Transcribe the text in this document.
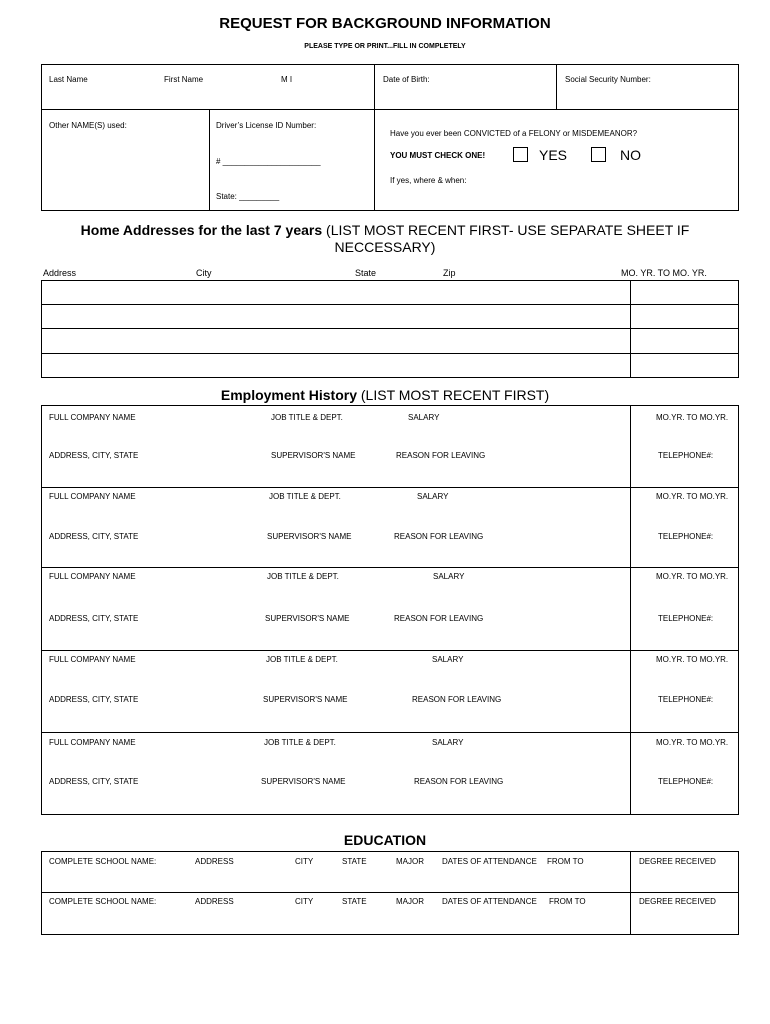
REQUEST FOR BACKGROUND INFORMATION
PLEASE TYPE OR PRINT...FILL IN COMPLETELY
Last Name	First Name	M I	Date of Birth:	Social Security Number:
Other NAME(S) used:	Driver’s License ID Number:
# ______________________
State: _________
Have you ever been CONVICTED of a FELONY or MISDEMEANOR?
YOU MUST CHECK ONE!	YES	NO
If yes, where & when:
Home Addresses for the last 7 years (LIST MOST RECENT FIRST- USE SEPARATE SHEET IF
NECCESSARY)
Address	City	State	Zip	MO. YR. TO MO. YR.
Employment History (LIST MOST RECENT FIRST)
FULL COMPANY NAME	JOB TITLE & DEPT.	SALARY	MO.YR. TO MO.YR.
ADDRESS, CITY, STATE	SUPERVISOR'S NAME	REASON FOR LEAVING	TELEPHONE#:
FULL COMPANY NAME	JOB TITLE & DEPT.	SALARY	MO.YR. TO MO.YR.
ADDRESS, CITY, STATE	SUPERVISOR'S NAME	REASON FOR LEAVING	TELEPHONE#:
FULL COMPANY NAME	JOB TITLE & DEPT.	SALARY	MO.YR. TO MO.YR.
ADDRESS, CITY, STATE	SUPERVISOR'S NAME	REASON FOR LEAVING	TELEPHONE#:
FULL COMPANY NAME	JOB TITLE & DEPT.	SALARY	MO.YR. TO MO.YR.
ADDRESS, CITY, STATE	SUPERVISOR'S NAME	REASON FOR LEAVING	TELEPHONE#:
FULL COMPANY NAME	JOB TITLE & DEPT.	SALARY	MO.YR. TO MO.YR.
ADDRESS, CITY, STATE	SUPERVISOR'S NAME	REASON FOR LEAVING	TELEPHONE#:
EDUCATION
COMPLETE SCHOOL NAME:	ADDRESS	CITY	STATE	MAJOR DATES OF ATTENDANCE FROM TO	DEGREE RECEIVED
COMPLETE SCHOOL NAME:	ADDRESS	CITY	STATE	MAJOR DATES OF ATTENDANCE FROM TO	DEGREE RECEIVED
